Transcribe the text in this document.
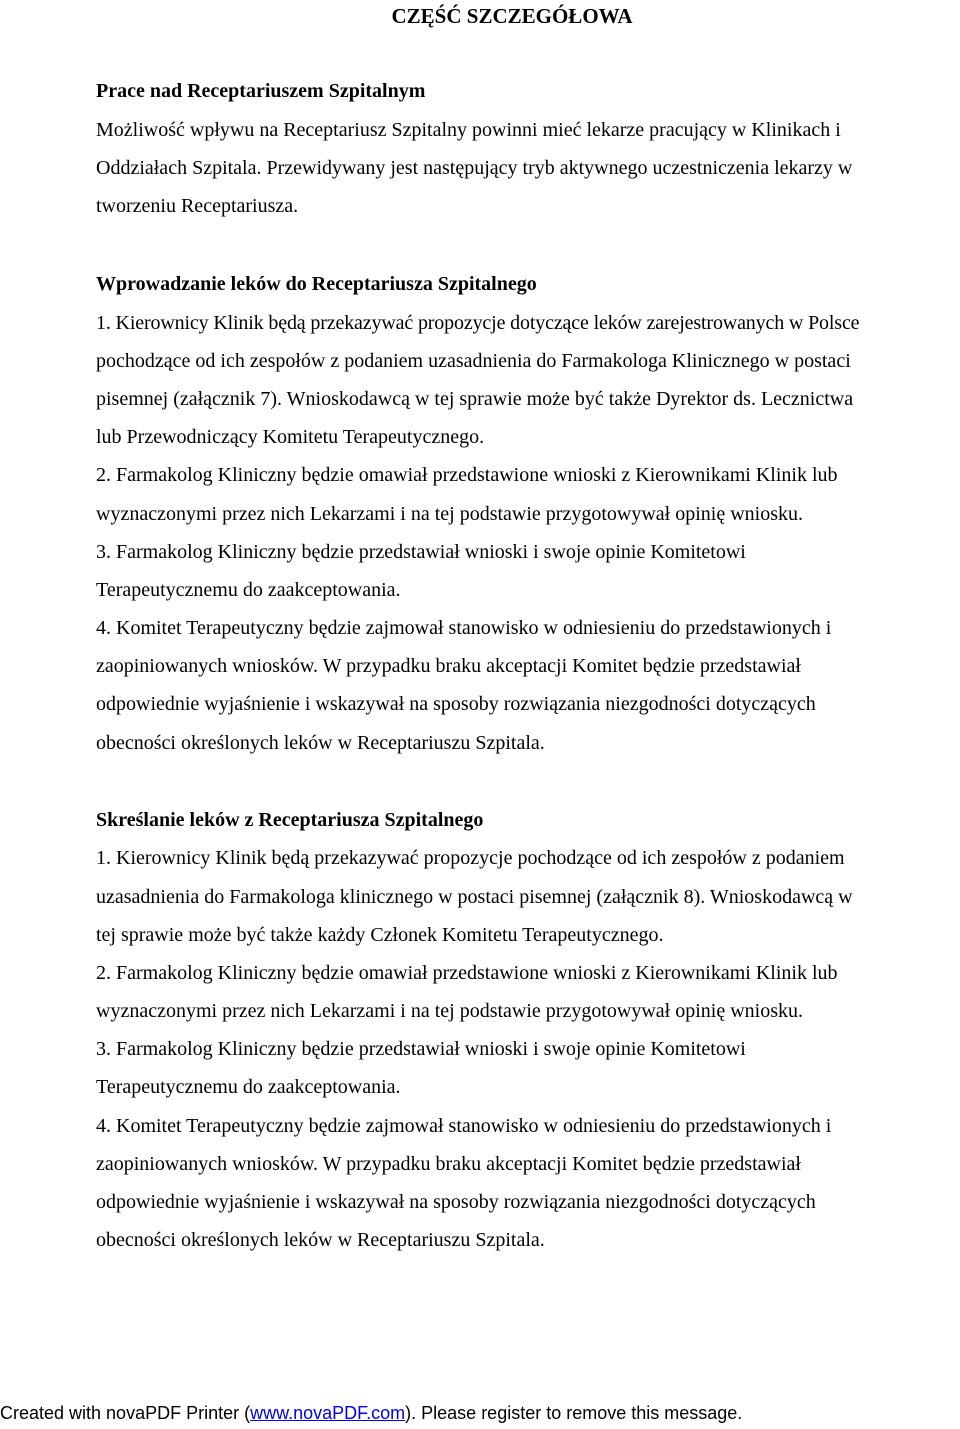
CZĘŚĆ SZCZEGÓŁOWA
Prace nad Receptariuszem Szpitalnym

Możliwość wpływu na Receptariusz Szpitalny powinni mieć lekarze pracujący w Klinikach i

Oddziałach Szpitala. Przewidywany jest następujący tryb aktywnego uczestniczenia lekarzy w

tworzeniu Receptariusza.

Wprowadzanie leków do Receptariusza Szpitalnego

1. Kierownicy Klinik będą przekazywać propozycje dotyczące leków zarejestrowanych w Polsce

pochodzące od ich zespołów z podaniem uzasadnienia do Farmakologa Klinicznego w postaci

pisemnej (załącznik 7). Wnioskodawcą w tej sprawie może być także Dyrektor ds. Lecznictwa

lub Przewodniczący Komitetu Terapeutycznego.

2. Farmakolog Kliniczny będzie omawiał przedstawione wnioski z Kierownikami Klinik lub

wyznaczonymi przez nich Lekarzami i na tej podstawie przygotowywał opinię wniosku.

3. Farmakolog Kliniczny będzie przedstawiał wnioski i swoje opinie Komitetowi

Terapeutycznemu do zaakceptowania.

4. Komitet Terapeutyczny będzie zajmował stanowisko w odniesieniu do przedstawionych i

zaopiniowanych wniosków. W przypadku braku akceptacji Komitet będzie przedstawiał

odpowiednie wyjaśnienie i wskazywał na sposoby rozwiązania niezgodności dotyczących

obecności określonych leków w Receptariuszu Szpitala.

Skreślanie leków z Receptariusza Szpitalnego

1. Kierownicy Klinik będą przekazywać propozycje pochodzące od ich zespołów z podaniem

uzasadnienia do Farmakologa klinicznego w postaci pisemnej (załącznik 8). Wnioskodawcą w

tej sprawie może być także każdy Członek Komitetu Terapeutycznego.

2. Farmakolog Kliniczny będzie omawiał przedstawione wnioski z Kierownikami Klinik lub

wyznaczonymi przez nich Lekarzami i na tej podstawie przygotowywał opinię wniosku.

3. Farmakolog Kliniczny będzie przedstawiał wnioski i swoje opinie Komitetowi

Terapeutycznemu do zaakceptowania.

4. Komitet Terapeutyczny będzie zajmował stanowisko w odniesieniu do przedstawionych i

zaopiniowanych wniosków. W przypadku braku akceptacji Komitet będzie przedstawiał

odpowiednie wyjaśnienie i wskazywał na sposoby rozwiązania niezgodności dotyczących

obecności określonych leków w Receptariuszu Szpitala.

Created with novaPDF Printer (www.novaPDF.com). Please register to remove this message.
